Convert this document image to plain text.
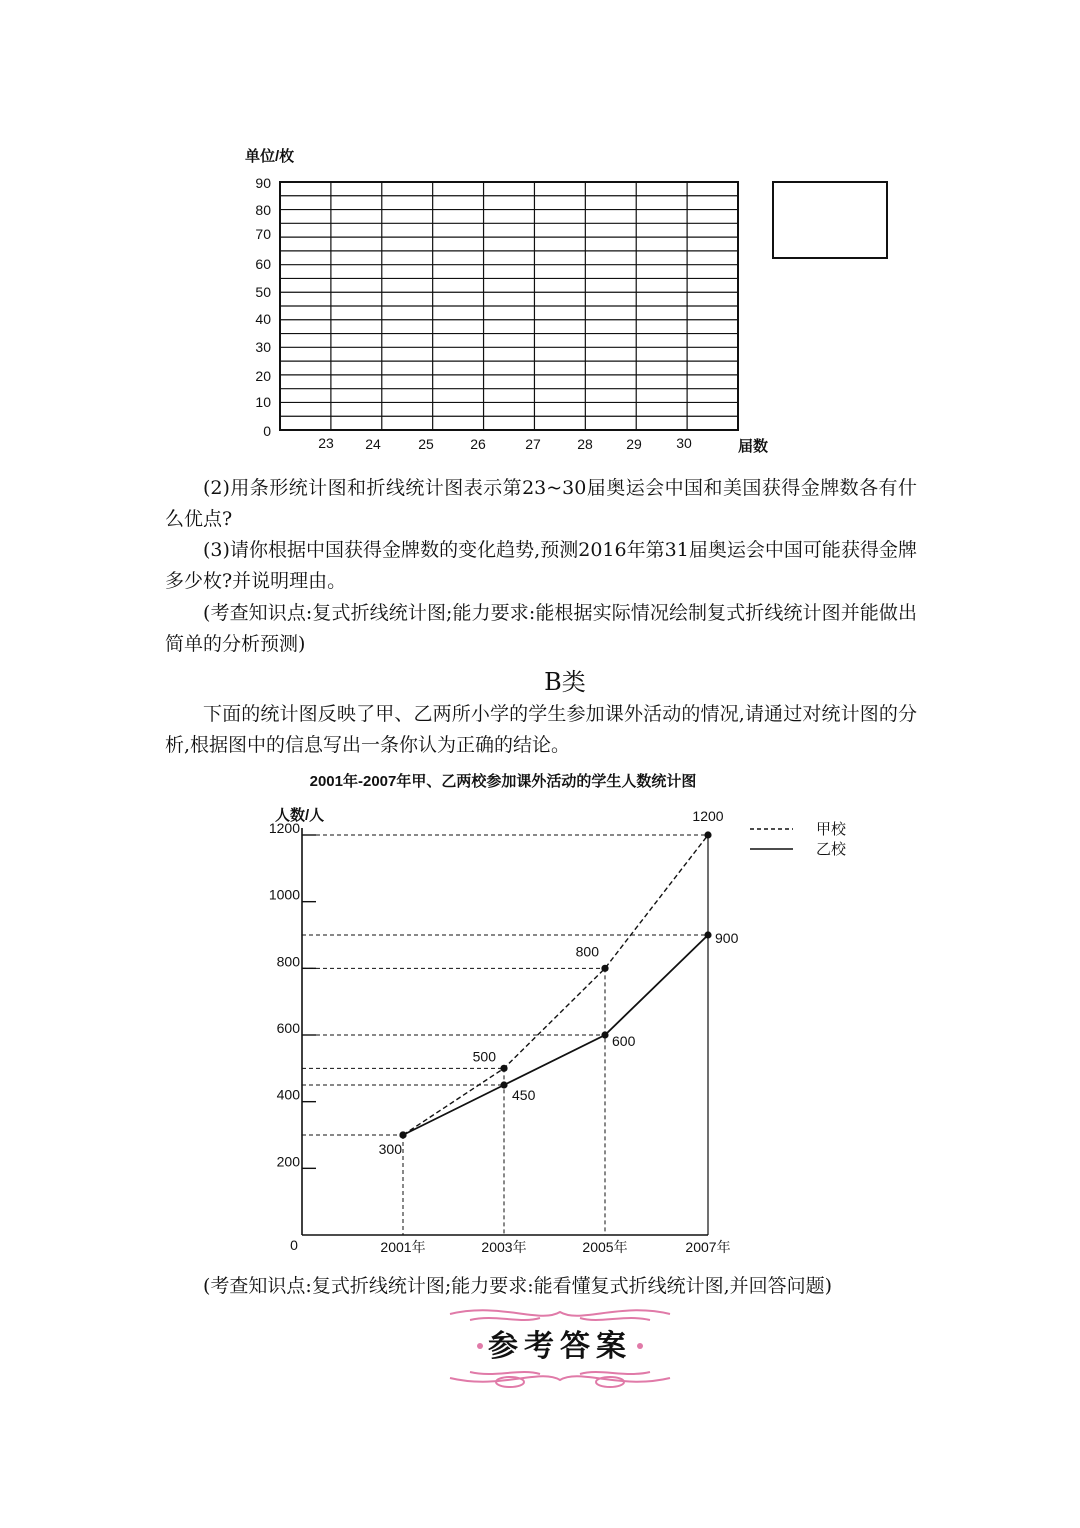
单位/枚
90
80
70
60
50
40
30
20
10
0
23 24	25	26	27	28 29 30	届数

(2)用条形统计图和折线统计图表示第23~30届奥运会中国和美国获得金牌数各有什么优点?

(3)请你根据中国获得金牌数的变化趋势,预测2016年第31届奥运会中国可能获得金牌多少枚?并说明理由。

(考查知识点:复式折线统计图;能力要求:能根据实际情况绘制复式折线统计图并能做出简单的分析预测)

B类

下面的统计图反映了甲、乙两所小学的学生参加课外活动的情况,请通过对统计图的分析,根据图中的信息写出一条你认为正确的结论。

2001年-2007年甲、乙两校参加课外活动的学生人数统计图
人数/人
0
200
400
600
800
1000
1200
2001年	2003年	2005年	2007年
300
500
800
1200
450
600
900
甲校
乙校

(考查知识点:复式折线统计图;能力要求:能看懂复式折线统计图,并回答问题)

参考答案
